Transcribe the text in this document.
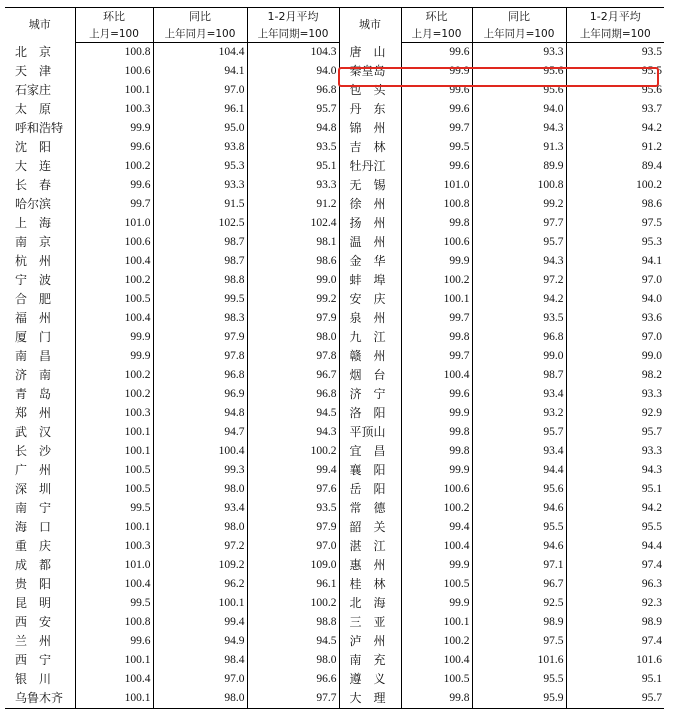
城市	环比	同比	1-2月平均	城市	环比	同比	1-2月平均
	上月=100	上年同月=100	上年同期=100		上月=100	上年同月=100	上年同期=100
北　京	100.8	104.4	104.3	唐　山	99.6	93.3	93.5
天　津	100.6	94.1	94.0	秦皇岛	99.9	95.6	95.5
石家庄	100.1	97.0	96.8	包　头	99.6	95.6	95.6
太　原	100.3	96.1	95.7	丹　东	99.6	94.0	93.7
呼和浩特	99.9	95.0	94.8	锦　州	99.7	94.3	94.2
沈　阳	99.6	93.8	93.5	吉　林	99.5	91.3	91.2
大　连	100.2	95.3	95.1	牡丹江	99.6	89.9	89.4
长　春	99.6	93.3	93.3	无　锡	101.0	100.8	100.2
哈尔滨	99.7	91.5	91.2	徐　州	100.8	99.2	98.6
上　海	101.0	102.5	102.4	扬　州	99.8	97.7	97.5
南　京	100.6	98.7	98.1	温　州	100.6	95.7	95.3
杭　州	100.4	98.7	98.6	金　华	99.9	94.3	94.1
宁　波	100.2	98.8	99.0	蚌　埠	100.2	97.2	97.0
合　肥	100.5	99.5	99.2	安　庆	100.1	94.2	94.0
福　州	100.4	98.3	97.9	泉　州	99.7	93.5	93.6
厦　门	99.9	97.9	98.0	九　江	99.8	96.8	97.0
南　昌	99.9	97.8	97.8	赣　州	99.7	99.0	99.0
济　南	100.2	96.8	96.7	烟　台	100.4	98.7	98.2
青　岛	100.2	96.9	96.8	济　宁	99.6	93.4	93.3
郑　州	100.3	94.8	94.5	洛　阳	99.9	93.2	92.9
武　汉	100.1	94.7	94.3	平顶山	99.8	95.7	95.7
长　沙	100.1	100.4	100.2	宜　昌	99.8	93.4	93.3
广　州	100.5	99.3	99.4	襄　阳	99.9	94.4	94.3
深　圳	100.5	98.0	97.6	岳　阳	100.6	95.6	95.1
南　宁	99.5	93.4	93.5	常　德	100.2	94.6	94.2
海　口	100.1	98.0	97.9	韶　关	99.4	95.5	95.5
重　庆	100.3	97.2	97.0	湛　江	100.4	94.6	94.4
成　都	101.0	109.2	109.0	惠　州	99.9	97.1	97.4
贵　阳	100.4	96.2	96.1	桂　林	100.5	96.7	96.3
昆　明	99.5	100.1	100.2	北　海	99.9	92.5	92.3
西　安	100.8	99.4	98.8	三　亚	100.1	98.9	98.9
兰　州	99.6	94.9	94.5	泸　州	100.2	97.5	97.4
西　宁	100.1	98.4	98.0	南　充	100.4	101.6	101.6
银　川	100.4	97.0	96.6	遵　义	100.5	95.5	95.1
乌鲁木齐	100.1	98.0	97.7	大　理	99.8	95.9	95.7
